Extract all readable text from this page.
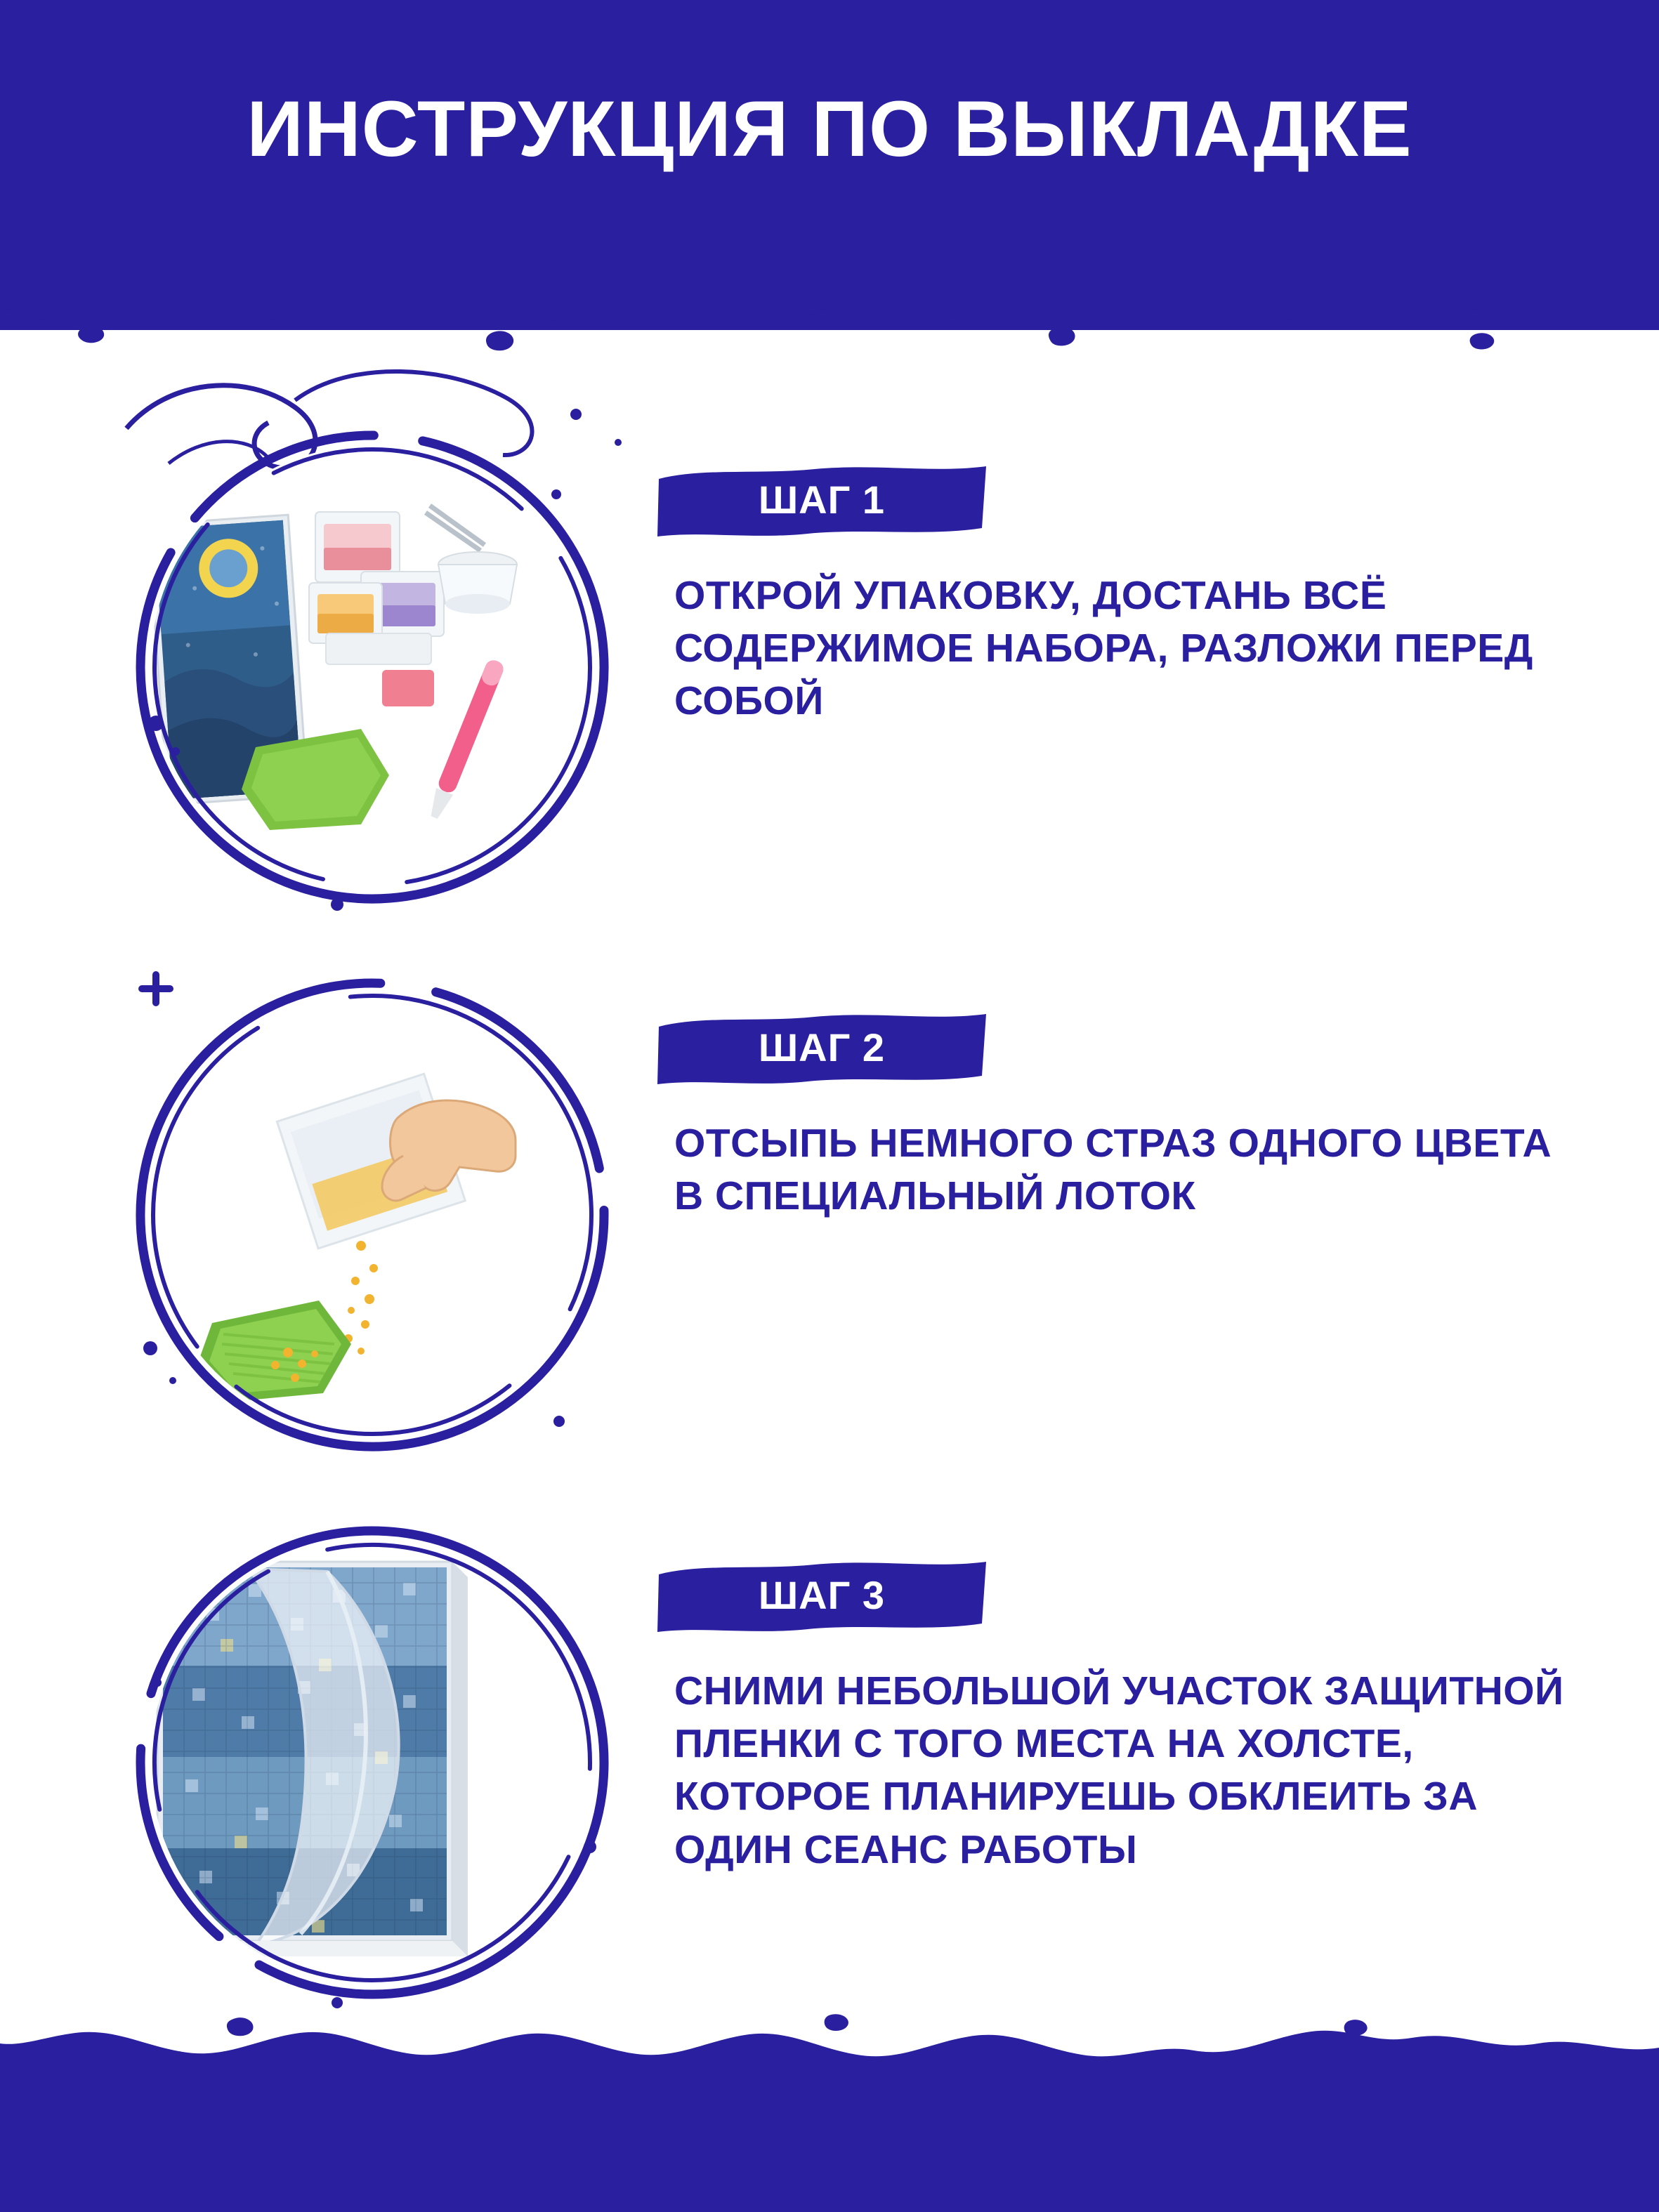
ИНСТРУКЦИЯ ПО ВЫКЛАДКЕ
ШАГ 1
ОТКРОЙ УПАКОВКУ, ДОСТАНЬ ВСЁ СОДЕРЖИМОЕ НАБОРА, РАЗЛОЖИ ПЕРЕД СОБОЙ
ШАГ 2
ОТСЫПЬ НЕМНОГО СТРАЗ ОДНОГО ЦВЕТА В СПЕЦИАЛЬНЫЙ ЛОТОК
ШАГ 3
СНИМИ НЕБОЛЬШОЙ УЧАСТОК ЗАЩИТНОЙ ПЛЕНКИ С ТОГО МЕСТА НА ХОЛСТЕ, КОТОРОЕ ПЛАНИРУЕШЬ ОБКЛЕИТЬ ЗА ОДИН СЕАНС РАБОТЫ
